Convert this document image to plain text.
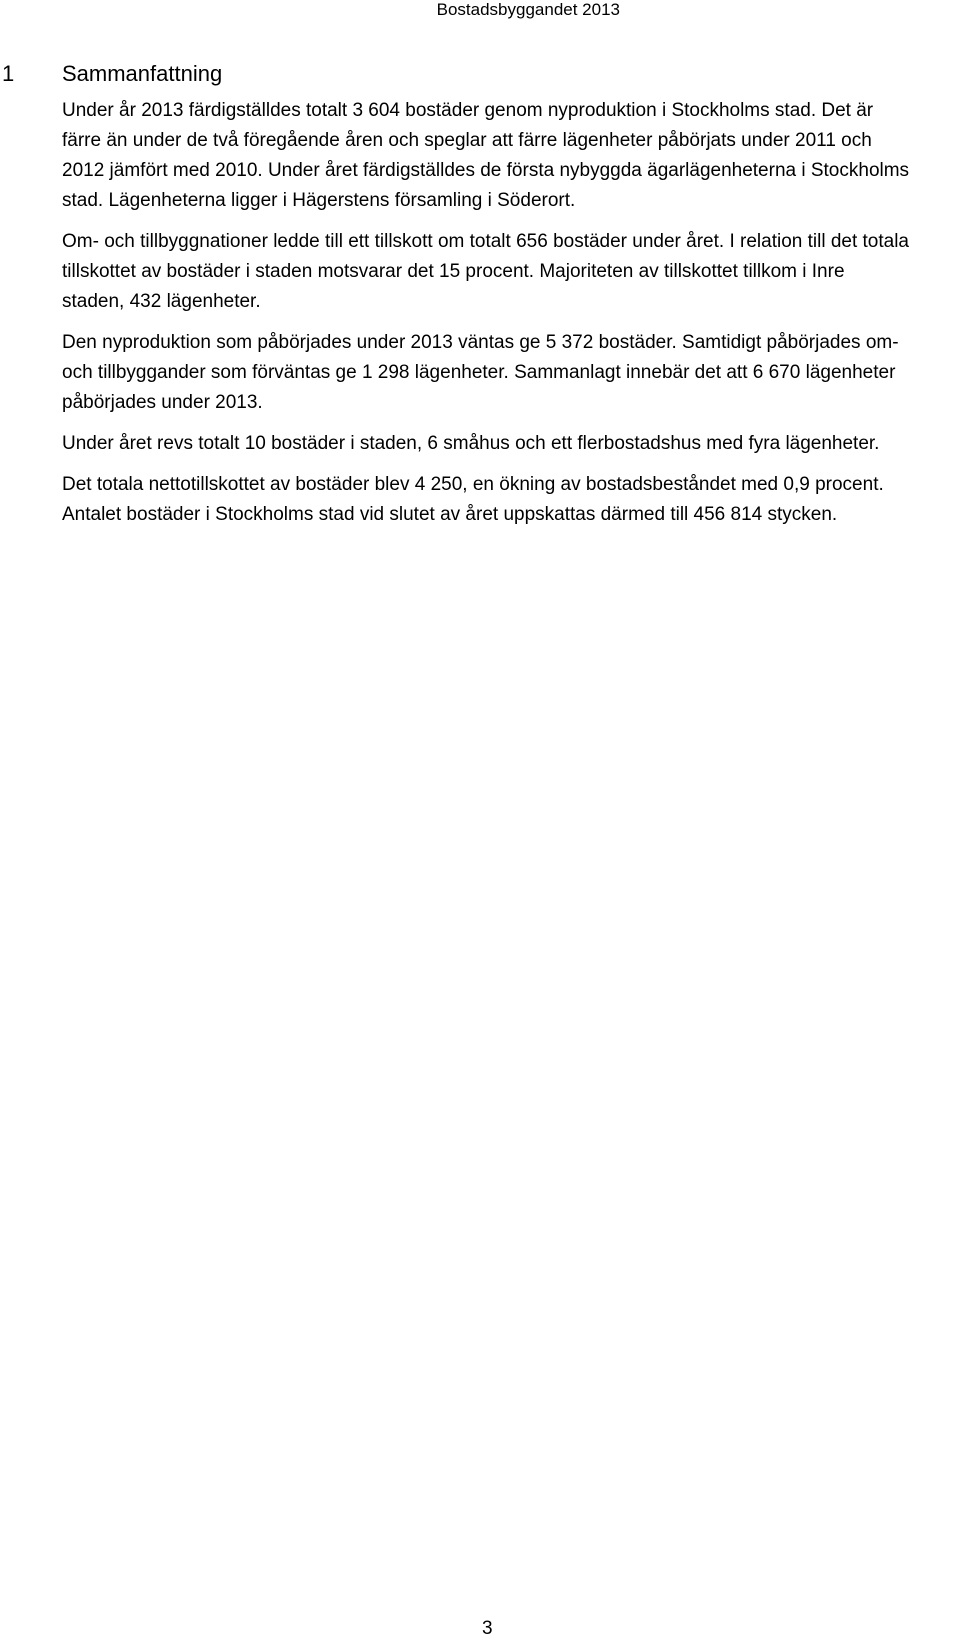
Bostadsbyggandet 2013
1 Sammanfattning

Under år 2013 färdigställdes totalt 3 604 bostäder genom nyproduktion i Stockholms stad. Det är färre än under de två föregående åren och speglar att färre lägenheter påbörjats under 2011 och 2012 jämfört med 2010. Under året färdigställdes de första nybyggda ägarlägenheterna i Stockholms stad. Lägenheterna ligger i Hägerstens församling i Söderort.

Om- och tillbyggnationer ledde till ett tillskott om totalt 656 bostäder under året. I relation till det totala tillskottet av bostäder i staden motsvarar det 15 procent. Majoriteten av tillskottet tillkom i Inre staden, 432 lägenheter.

Den nyproduktion som påbörjades under 2013 väntas ge 5 372 bostäder. Samtidigt påbörjades om- och tillbyggander som förväntas ge 1 298 lägenheter. Sammanlagt innebär det att 6 670 lägenheter påbörjades under 2013.

Under året revs totalt 10 bostäder i staden, 6 småhus och ett flerbostadshus med fyra lägenheter.

Det totala nettotillskottet av bostäder blev 4 250, en ökning av bostadsbeståndet med 0,9 procent. Antalet bostäder i Stockholms stad vid slutet av året uppskattas därmed till 456 814 stycken.

3
